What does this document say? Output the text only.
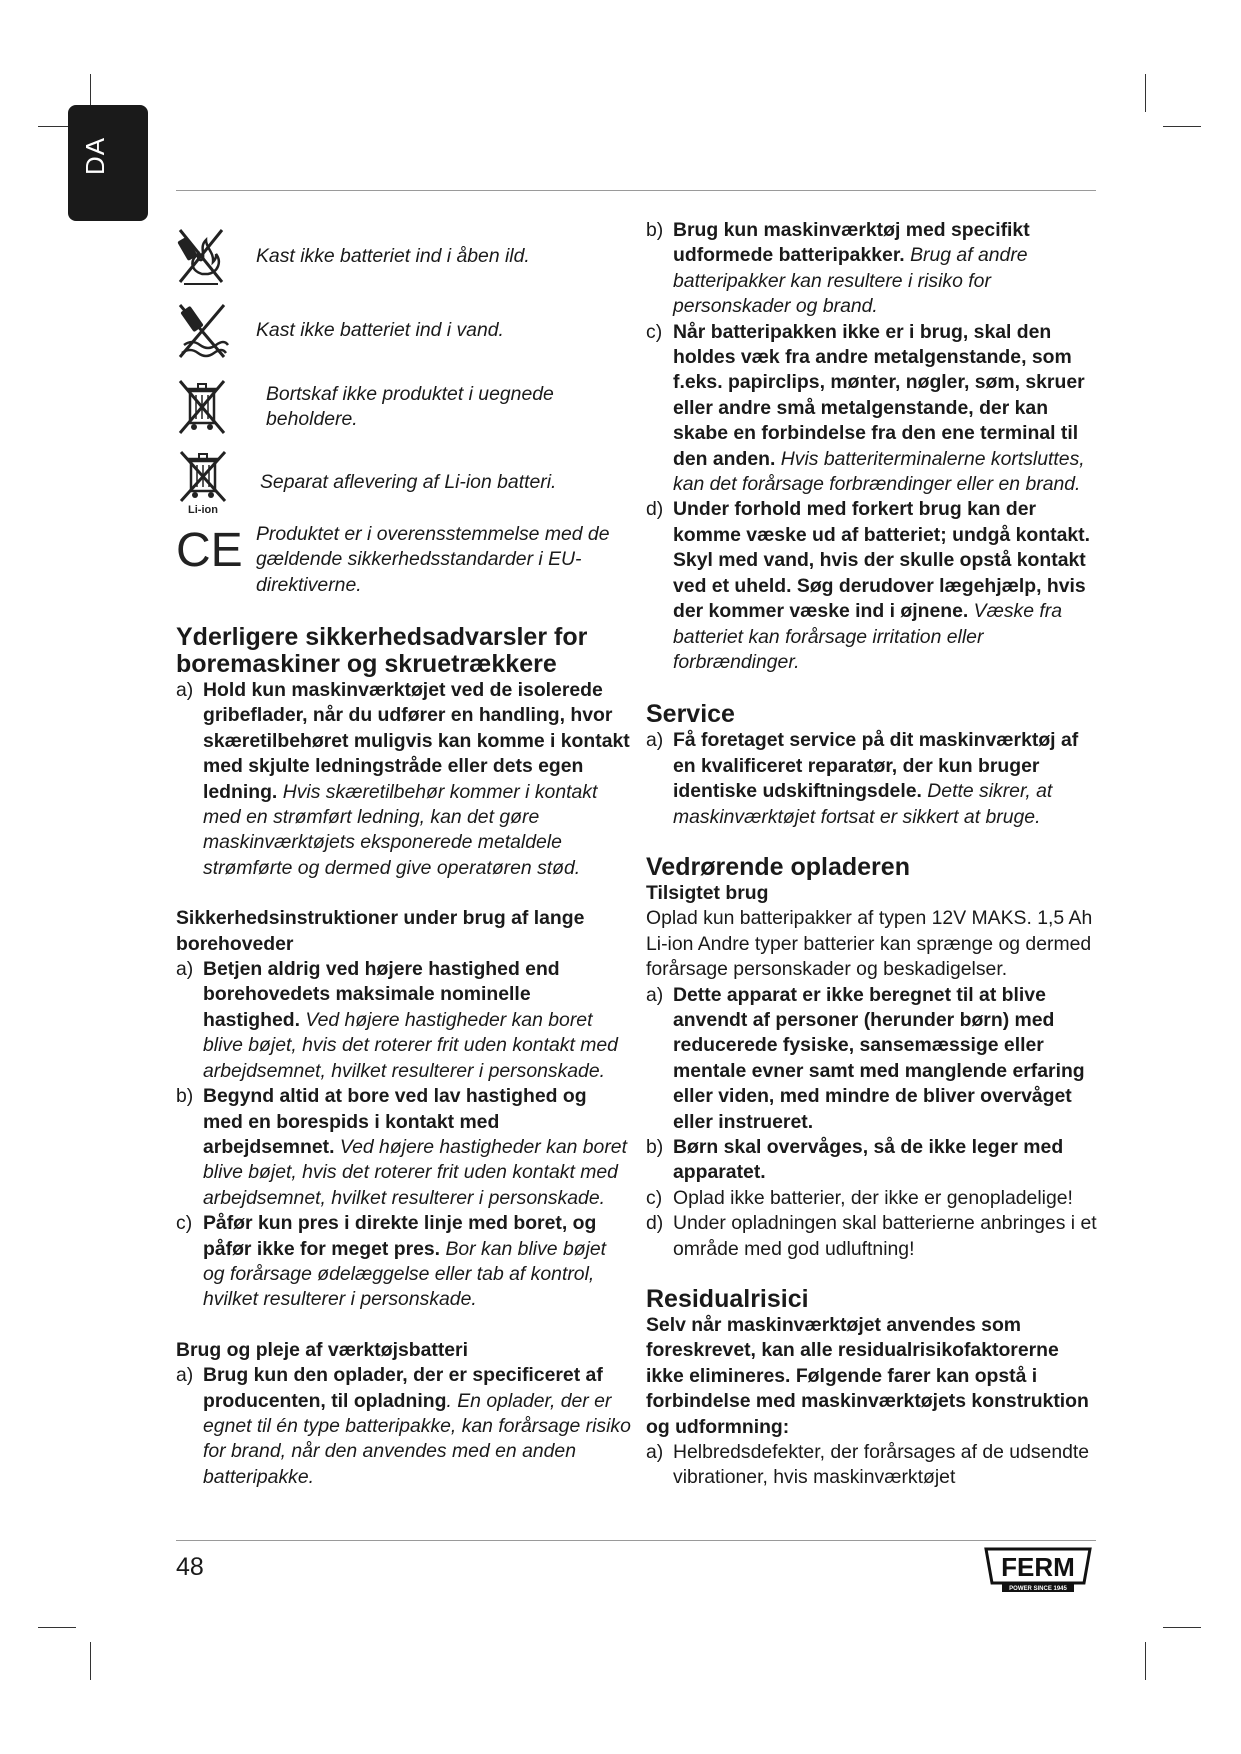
DA
Kast ikke batteriet ind i åben ild.
Kast ikke batteriet ind i vand.
Bortskaf ikke produktet i uegnede beholdere.
Li-ion
Separat aflevering af Li-ion batteri.
CE Produktet er i overensstemmelse med de gældende sikkerhedsstandarder i EU-direktiverne.
Yderligere sikkerhedsadvarsler for boremaskiner og skruetrækkere
a) Hold kun maskinværktøjet ved de isolerede gribeflader, når du udfører en handling, hvor skæretilbehøret muligvis kan komme i kontakt med skjulte ledningstråde eller dets egen ledning. Hvis skæretilbehør kommer i kontakt med en strømført ledning, kan det gøre maskinværktøjets eksponerede metaldele strømførte og dermed give operatøren stød.
Sikkerhedsinstruktioner under brug af lange borehoveder
a) Betjen aldrig ved højere hastighed end borehovedets maksimale nominelle hastighed. Ved højere hastigheder kan boret blive bøjet, hvis det roterer frit uden kontakt med arbejdsemnet, hvilket resulterer i personskade.
b) Begynd altid at bore ved lav hastighed og med en borespids i kontakt med arbejdsemnet. Ved højere hastigheder kan boret blive bøjet, hvis det roterer frit uden kontakt med arbejdsemnet, hvilket resulterer i personskade.
c) Påfør kun pres i direkte linje med boret, og påfør ikke for meget pres. Bor kan blive bøjet og forårsage ødelæggelse eller tab af kontrol, hvilket resulterer i personskade.
Brug og pleje af værktøjsbatteri
a) Brug kun den oplader, der er specificeret af producenten, til opladning. En oplader, der er egnet til én type batteripakke, kan forårsage risiko for brand, når den anvendes med en anden batteripakke.
b) Brug kun maskinværktøj med specifikt udformede batteripakker. Brug af andre batteripakker kan resultere i risiko for personskader og brand.
c) Når batteripakken ikke er i brug, skal den holdes væk fra andre metalgenstande, som f.eks. papirclips, mønter, nøgler, søm, skruer eller andre små metalgenstande, der kan skabe en forbindelse fra den ene terminal til den anden. Hvis batteriterminalerne kortsluttes, kan det forårsage forbrændinger eller en brand.
d) Under forhold med forkert brug kan der komme væske ud af batteriet; undgå kontakt. Skyl med vand, hvis der skulle opstå kontakt ved et uheld. Søg derudover lægehjælp, hvis der kommer væske ind i øjnene. Væske fra batteriet kan forårsage irritation eller forbrændinger.
Service
a) Få foretaget service på dit maskinværktøj af en kvalificeret reparatør, der kun bruger identiske udskiftningsdele. Dette sikrer, at maskinværktøjet fortsat er sikkert at bruge.
Vedrørende opladeren
Tilsigtet brug

Oplad kun batteripakker af typen 12V MAKS. 1,5 Ah Li-ion Andre typer batterier kan sprænge og dermed forårsage personskader og beskadigelser.

a) Dette apparat er ikke beregnet til at blive anvendt af personer (herunder børn) med reducerede fysiske, sansemæssige eller mentale evner samt med manglende erfaring eller viden, med mindre de bliver overvåget eller instrueret.
b) Børn skal overvåges, så de ikke leger med apparatet.
c) Oplad ikke batterier, der ikke er genopladelige!
d) Under opladningen skal batterierne anbringes i et område med god udluftning!
Residualrisici

Selv når maskinværktøjet anvendes som foreskrevet, kan alle residualrisikofaktorerne ikke elimineres. Følgende farer kan opstå i forbindelse med maskinværktøjets konstruktion og udformning:

a) Helbredsdefekter, der forårsages af de udsendte vibrationer, hvis maskinværktøjet
48	FERM
POWER SINCE 1945
